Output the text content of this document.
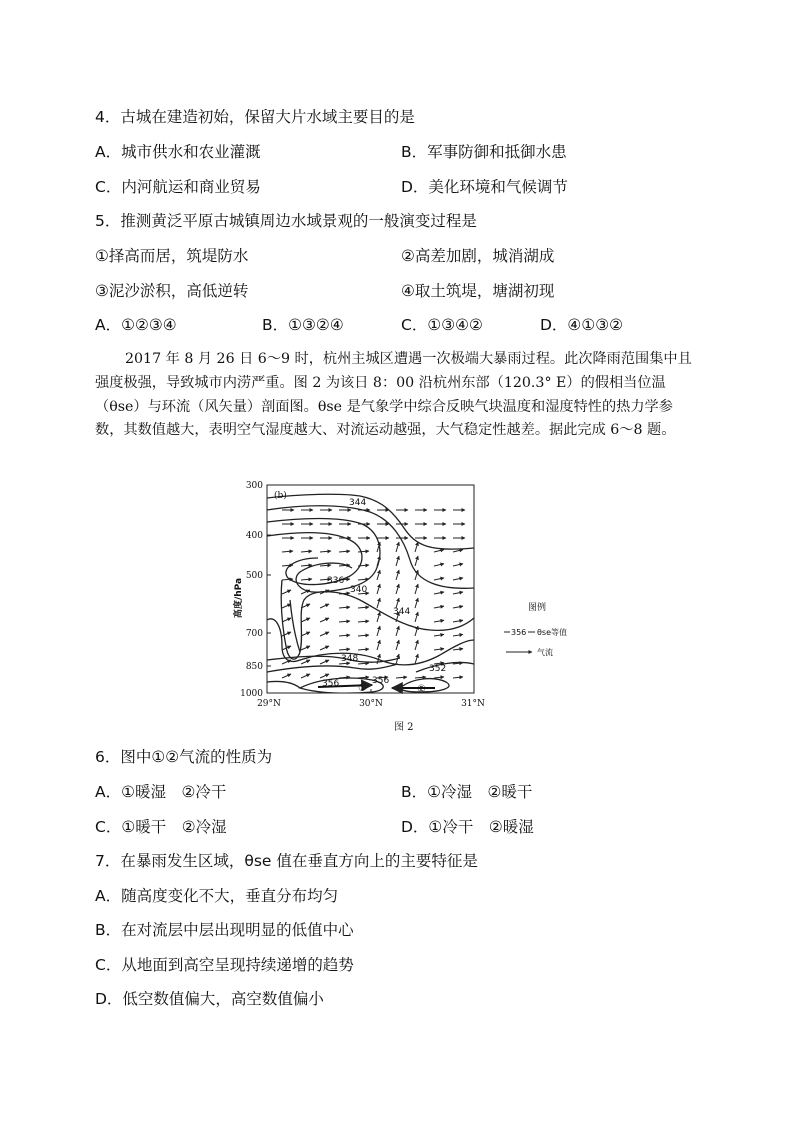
4．古城在建造初始，保留大片水域主要目的是
A．城市供水和农业灌溉	B．军事防御和抵御水患
C．内河航运和商业贸易	D．美化环境和气候调节
5．推测黄泛平原古城镇周边水域景观的一般演变过程是
①择高而居，筑堤防水	②高差加剧，城消湖成
③泥沙淤积，高低逆转	④取土筑堤，塘湖初现
A．①②③④	B．①③②④	C．①③④②	D．④①③②
2017 年 8 月 26 日 6～9 时，杭州主城区遭遇一次极端大暴雨过程。此次降雨范围集中且强度极强，导致城市内涝严重。图 2 为该日 8：00 沿杭州东部（120.3° E）的假相当位温（θse）与环流（风矢量）剖面图。θse 是气象学中综合反映气块温度和湿度特性的热力学参数，其数值越大，表明空气湿度越大、对流运动越强，大气稳定性越差。据此完成 6～8 题。
344
336
340
344
348
352
356	356
①	②
(b)
300
400
500
700
850
1000
高度/hPa
29°N	30°N	31°N
图例
356 θse等值
气流
图 2
6．图中①②气流的性质为
A．①暖湿　②冷干	B．①冷湿　②暖干
C．①暖干　②冷湿	D．①冷干　②暖湿
7．在暴雨发生区域，θse 值在垂直方向上的主要特征是
A．随高度变化不大，垂直分布均匀
B．在对流层中层出现明显的低值中心
C．从地面到高空呈现持续递增的趋势
D．低空数值偏大，高空数值偏小
